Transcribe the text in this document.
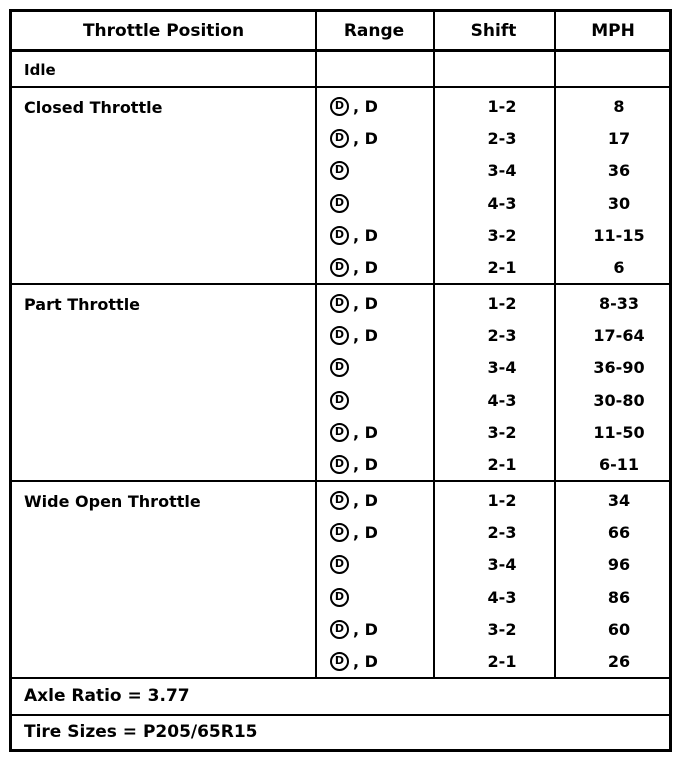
Throttle Position	Range	Shift	MPH
Idle
Closed Throttle	D , D	1-2	8
D , D	2-3	17
D	3-4	36
D	4-3	30
D , D	3-2	11-15
D , D	2-1	6
Part Throttle	D , D	1-2	8-33
D , D	2-3	17-64
D	3-4	36-90
D	4-3	30-80
D , D	3-2	11-50
D , D	2-1	6-11
Wide Open Throttle	D , D	1-2	34
D , D	2-3	66
D	3-4	96
D	4-3	86
D , D	3-2	60
D , D	2-1	26
Axle Ratio = 3.77
Tire Sizes = P205/65R15
